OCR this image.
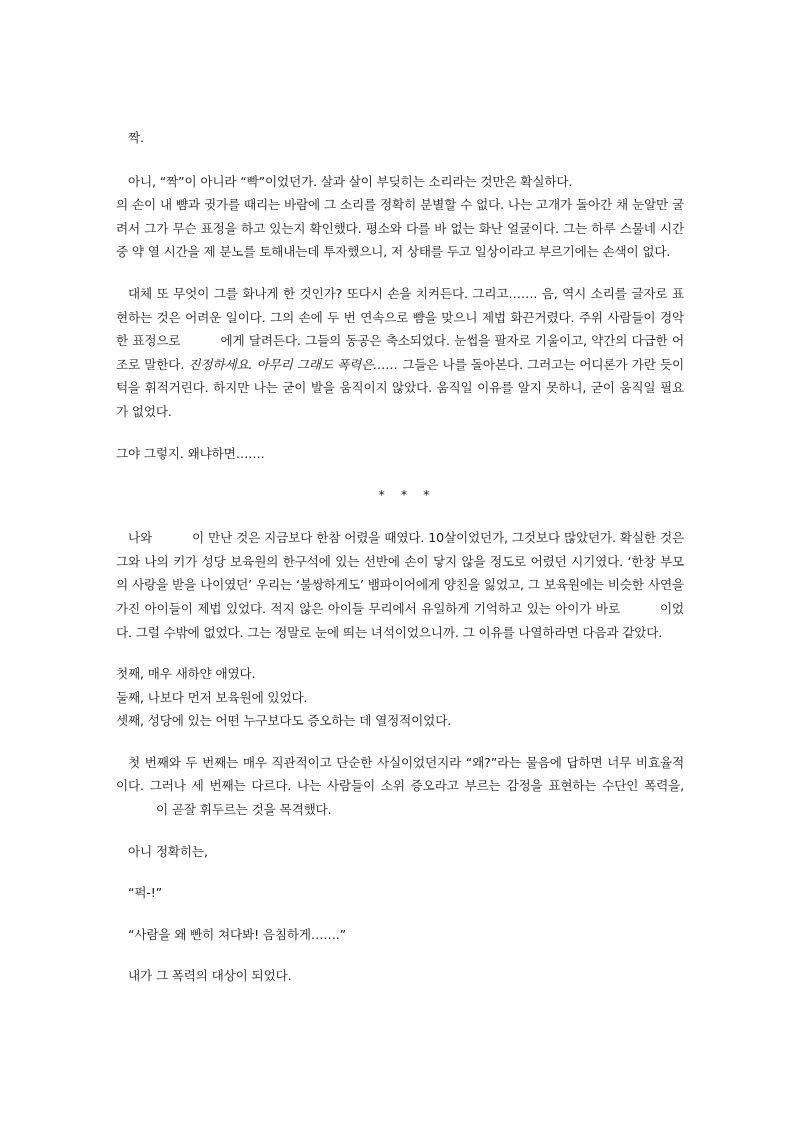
짝.

아니, “짝”이 아니라 “빡”이었던가. 살과 살이 부딪히는 소리라는 것만은 확실하다.
의 손이 내 뺨과 귓가를 때리는 바람에 그 소리를 정확히 분별할 수 없다. 나는 고개가 돌아간 채 눈알만 굴려서 그가 무슨 표정을 하고 있는지 확인했다. 평소와 다를 바 없는 화난 얼굴이다. 그는 하루 스물네 시간 중 약 열 시간을 제 분노를 토해내는데 투자했으니, 저 상태를 두고 일상이라고 부르기에는 손색이 없다.

대체 또 무엇이 그를 화나게 한 것인가? 또다시 손을 치켜든다. 그리고……. 음, 역시 소리를 글자로 표현하는 것은 어려운 일이다. 그의 손에 두 번 연속으로 뺨을 맞으니 제법 화끈거렸다. 주위 사람들이 경악한 표정으로	에게 달려든다. 그들의 동공은 축소되었다. 눈썹을 팔자로 기울이고, 약간의 다급한 어조로 말한다. 진정하세요. 아무리 그래도 폭력은…… 그들은 나를 돌아본다. 그러고는 어디론가 가란 듯이 턱을 휘적거린다. 하지만 나는 굳이 발을 움직이지 않았다. 움직일 이유를 알지 못하니, 굳이 움직일 필요가 없었다.

그야 그렇지. 왜냐하면…….

* * *

나와	이 만난 것은 지금보다 한참 어렸을 때였다. 10살이었던가, 그것보다 많았던가. 확실한 것은 그와 나의 키가 성당 보육원의 한구석에 있는 선반에 손이 닿지 않을 정도로 어렸던 시기였다. ‘한창 부모의 사랑을 받을 나이였던’ 우리는 ‘불쌍하게도’ 뱀파이어에게 양친을 잃었고, 그 보육원에는 비슷한 사연을 가진 아이들이 제법 있었다. 적지 않은 아이들 무리에서 유일하게 기억하고 있는 아이가 바로	이었다. 그럴 수밖에 없었다. 그는 정말로 눈에 띄는 녀석이었으니까. 그 이유를 나열하라면 다음과 같았다.

첫째, 매우 새하얀 애였다.
둘째, 나보다 먼저 보육원에 있었다.
셋째, 성당에 있는 어떤 누구보다도 증오하는 데 열정적이었다.

첫 번째와 두 번째는 매우 직관적이고 단순한 사실이었던지라 “왜?”라는 물음에 답하면 너무 비효율적이다. 그러나 세 번째는 다르다. 나는 사람들이 소위 증오라고 부르는 감정을 표현하는 수단인 폭력을,이 곧잘 휘두르는 것을 목격했다.

아니 정확히는,

“퍽-!”

“사람을 왜 빤히 쳐다봐! 음침하게…….”

내가 그 폭력의 대상이 되었다.
